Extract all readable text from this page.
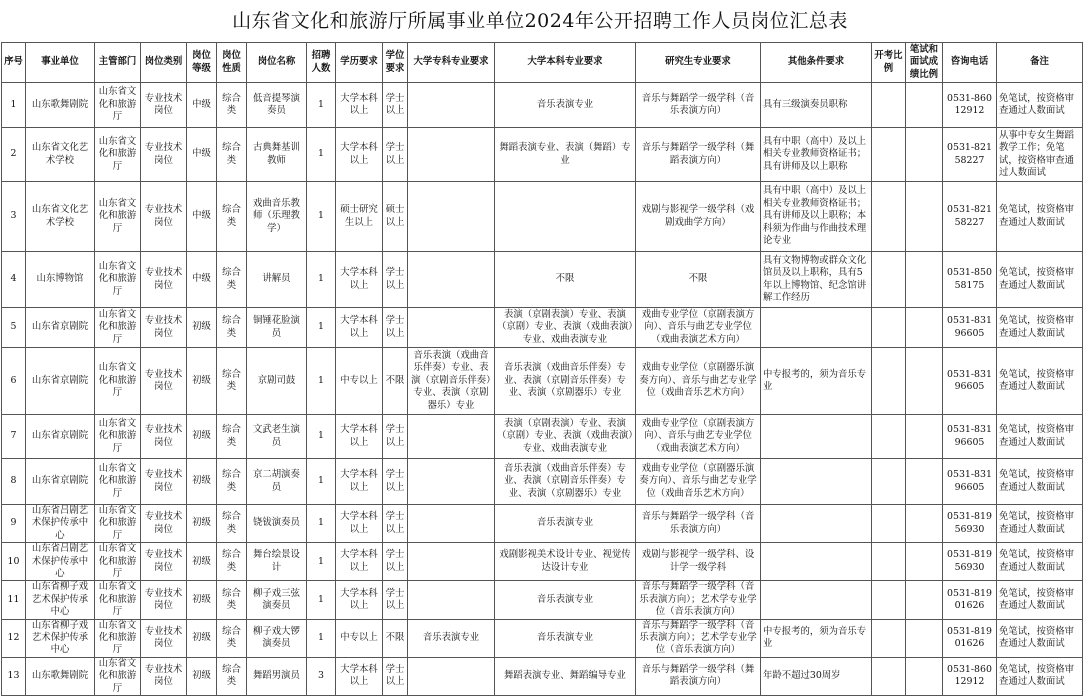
山东省文化和旅游厅所属事业单位2024年公开招聘工作人员岗位汇总表
序号	事业单位	主管部门	岗位类别	岗位等级	岗位性质	岗位名称	招聘人数	学历要求	学位要求	大学专科专业要求	大学本科专业要求	研究生专业要求	其他条件要求	开考比例	笔试和面试成绩比例	咨询电话	备注
1	山东歌舞剧院	山东省文化和旅游厅	专业技术岗位	中级	综合类	低音提琴演奏员	1	大学本科以上	学士以上		音乐表演专业	音乐与舞蹈学一级学科（音乐表演方向）	具有三级演奏员职称			0531-86012912	免笔试，按资格审查通过人数面试
2	山东省文化艺术学校	山东省文化和旅游厅	专业技术岗位	中级	综合类	古典舞基训教师	1	大学本科以上	学士以上		舞蹈表演专业、表演（舞蹈）专业	音乐与舞蹈学一级学科（舞蹈表演方向）	具有中职（高中）及以上相关专业教师资格证书；具有讲师及以上职称			0531-82158227	从事中专女生舞蹈教学工作；免笔试，按资格审查通过人数面试
3	山东省文化艺术学校	山东省文化和旅游厅	专业技术岗位	中级	综合类	戏曲音乐教师（乐理教学）	1	硕士研究生以上	硕士以上			戏剧与影视学一级学科（戏剧戏曲学方向）	具有中职（高中）及以上相关专业教师资格证书；具有讲师及以上职称；本科须为作曲与作曲技术理论专业			0531-82158227	免笔试，按资格审查通过人数面试
4	山东博物馆	山东省文化和旅游厅	专业技术岗位	中级	综合类	讲解员	1	大学本科以上	学士以上		不限	不限	具有文物博物或群众文化馆员及以上职称，具有5年以上博物馆、纪念馆讲解工作经历			0531-85058175	免笔试，按资格审查通过人数面试
5	山东省京剧院	山东省文化和旅游厅	专业技术岗位	初级	综合类	铜锤花脸演员	1	大学本科以上	学士以上		表演（京剧表演）专业、表演（京剧）专业、表演（戏曲表演）专业、戏曲表演专业	戏曲专业学位（京剧表演方向）、音乐与曲艺专业学位（戏曲表演艺术方向）				0531-83196605	免笔试，按资格审查通过人数面试
6	山东省京剧院	山东省文化和旅游厅	专业技术岗位	初级	综合类	京剧司鼓	1	中专以上	不限	音乐表演（戏曲音乐伴奏）专业、表演（京剧音乐伴奏）专业、表演（京剧器乐）专业	音乐表演（戏曲音乐伴奏）专业、表演（京剧音乐伴奏）专业、表演（京剧器乐）专业	戏曲专业学位（京剧器乐演奏方向）、音乐与曲艺专业学位（戏曲音乐艺术方向）	中专报考的，须为音乐专业			0531-83196605	免笔试，按资格审查通过人数面试
7	山东省京剧院	山东省文化和旅游厅	专业技术岗位	初级	综合类	文武老生演员	1	大学本科以上	学士以上		表演（京剧表演）专业、表演（京剧）专业、表演（戏曲表演）专业、戏曲表演专业	戏曲专业学位（京剧表演方向）、音乐与曲艺专业学位（戏曲表演艺术方向）				0531-83196605	免笔试，按资格审查通过人数面试
8	山东省京剧院	山东省文化和旅游厅	专业技术岗位	初级	综合类	京二胡演奏员	1	大学本科以上	学士以上		音乐表演（戏曲音乐伴奏）专业、表演（京剧音乐伴奏）专业、表演（京剧器乐）专业	戏曲专业学位（京剧器乐演奏方向）、音乐与曲艺专业学位（戏曲音乐艺术方向）				0531-83196605	免笔试，按资格审查通过人数面试
9	山东省吕剧艺术保护传承中心	山东省文化和旅游厅	专业技术岗位	初级	综合类	铙钹演奏员	1	大学本科以上	学士以上		音乐表演专业	音乐与舞蹈学一级学科（音乐表演方向）				0531-81956930	免笔试，按资格审查通过人数面试
10	山东省吕剧艺术保护传承中心	山东省文化和旅游厅	专业技术岗位	初级	综合类	舞台绘景设计	1	大学本科以上	学士以上		戏剧影视美术设计专业、视觉传达设计专业	戏剧与影视学一级学科、设计学一级学科				0531-81956930	免笔试，按资格审查通过人数面试
11	山东省柳子戏艺术保护传承中心	山东省文化和旅游厅	专业技术岗位	初级	综合类	柳子戏三弦演奏员	1	大学本科以上	学士以上		音乐表演专业	音乐与舞蹈学一级学科（音乐表演方向）；艺术学专业学位（音乐表演方向）				0531-81901626	免笔试，按资格审查通过人数面试
12	山东省柳子戏艺术保护传承中心	山东省文化和旅游厅	专业技术岗位	初级	综合类	柳子戏大锣演奏员	1	中专以上	不限	音乐表演专业	音乐表演专业	音乐与舞蹈学一级学科（音乐表演方向）；艺术学专业学位（音乐表演方向）	中专报考的，须为音乐专业			0531-81901626	免笔试，按资格审查通过人数面试
13	山东歌舞剧院	山东省文化和旅游厅	专业技术岗位	初级	综合类	舞蹈男演员	3	大学本科以上	学士以上		舞蹈表演专业、舞蹈编导专业	音乐与舞蹈学一级学科（舞蹈表演方向）	年龄不超过30周岁			0531-86012912	免笔试，按资格审查通过人数面试
